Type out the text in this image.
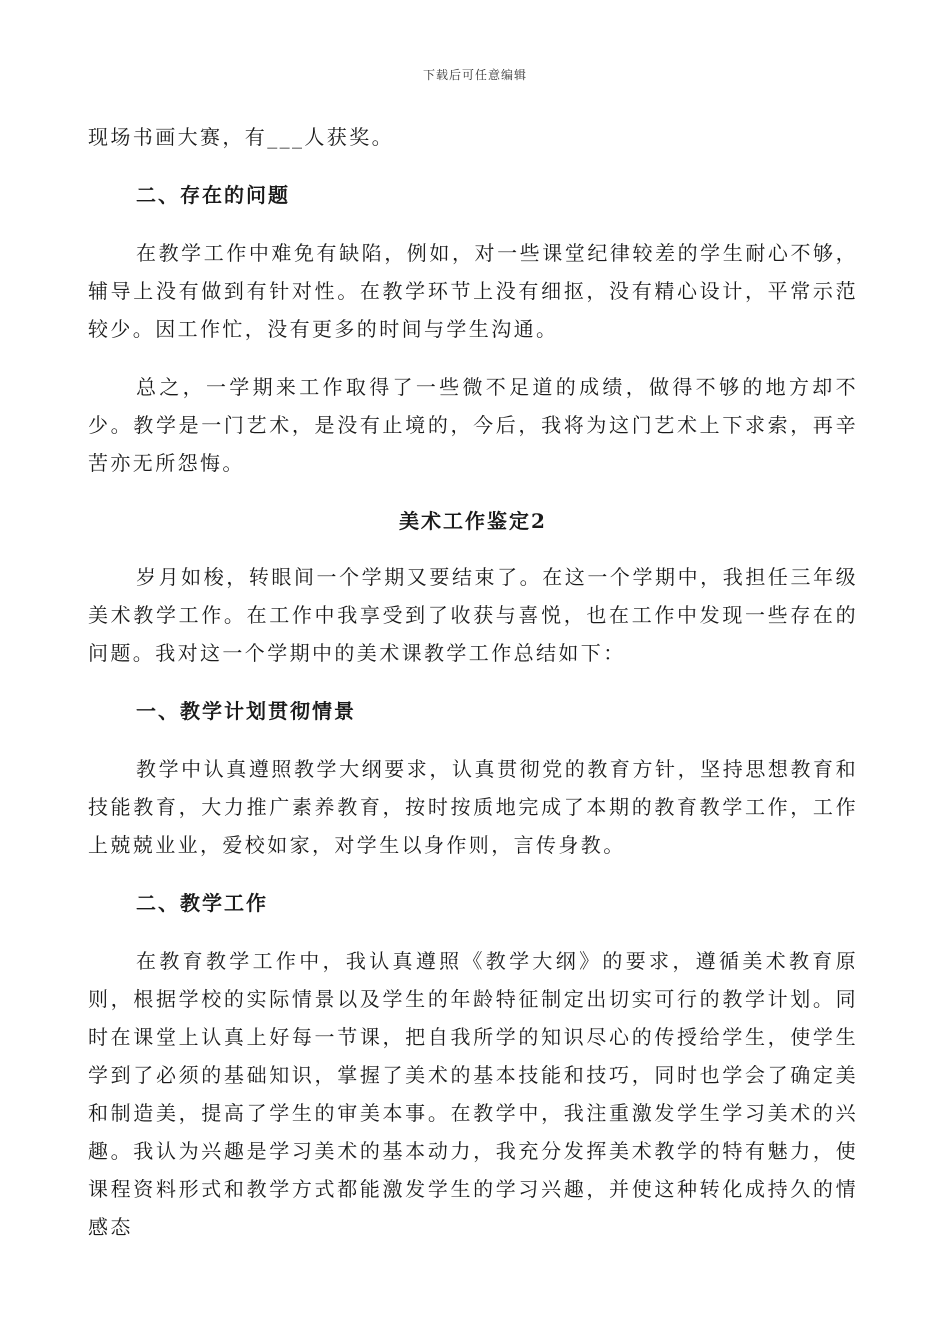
下载后可任意编辑

现场书画大赛，有___人获奖。

二、存在的问题

在教学工作中难免有缺陷，例如，对一些课堂纪律较差的学生耐心不够，辅导上没有做到有针对性。在教学环节上没有细抠，没有精心设计，平常示范较少。因工作忙，没有更多的时间与学生沟通。

总之，一学期来工作取得了一些微不足道的成绩，做得不够的地方却不少。教学是一门艺术，是没有止境的，今后，我将为这门艺术上下求索，再辛苦亦无所怨悔。

美术工作鉴定2

岁月如梭，转眼间一个学期又要结束了。在这一个学期中，我担任三年级美术教学工作。在工作中我享受到了收获与喜悦，也在工作中发现一些存在的问题。我对这一个学期中的美术课教学工作总结如下：

一、教学计划贯彻情景

教学中认真遵照教学大纲要求，认真贯彻党的教育方针，坚持思想教育和技能教育，大力推广素养教育，按时按质地完成了本期的教育教学工作，工作上兢兢业业，爱校如家，对学生以身作则，言传身教。

二、教学工作

在教育教学工作中，我认真遵照《教学大纲》的要求，遵循美术教育原则，根据学校的实际情景以及学生的年龄特征制定出切实可行的教学计划。同时在课堂上认真上好每一节课，把自我所学的知识尽心的传授给学生，使学生学到了必须的基础知识，掌握了美术的基本技能和技巧，同时也学会了确定美和制造美，提高了学生的审美本事。在教学中，我注重激发学生学习美术的兴趣。我认为兴趣是学习美术的基本动力，我充分发挥美术教学的特有魅力，使课程资料形式和教学方式都能激发学生的学习兴趣，并使这种转化成持久的情感态
